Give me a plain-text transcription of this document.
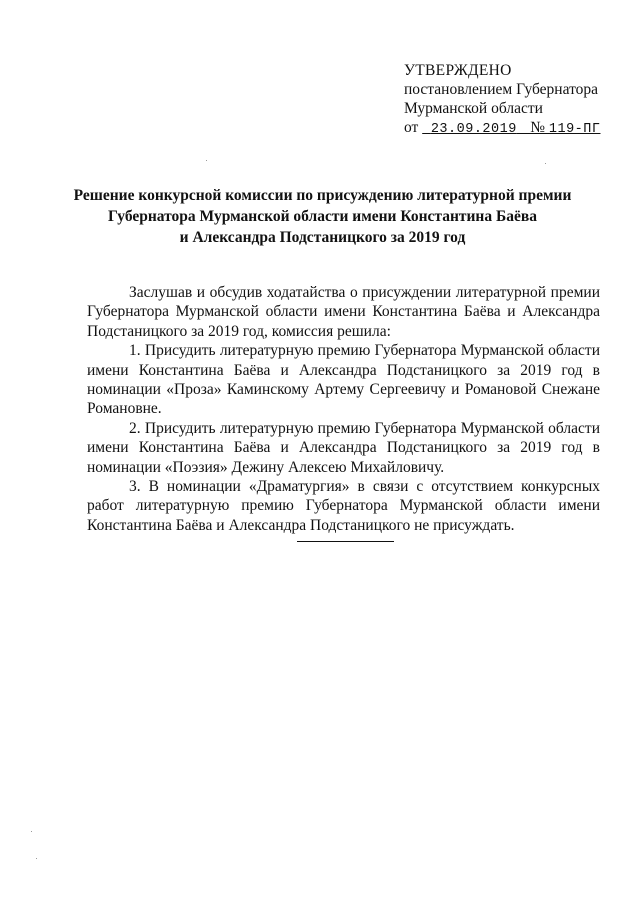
УТВЕРЖДЕНО
постановлением Губернатора
Мурманской области
от 23.09.2019 № 119-ПГ
Решение конкурсной комиссии по присуждению литературной премии
Губернатора Мурманской области имени Константина Баёва
и Александра Подстаницкого за 2019 год

Заслушав и обсудив ходатайства о присуждении литературной премии Губернатора Мурманской области имени Константина Баёва и Александра Подстаницкого за 2019 год, комиссия решила:

1. Присудить литературную премию Губернатора Мурманской области имени Константина Баёва и Александра Подстаницкого за 2019 год в номинации «Проза» Каминскому Артему Сергеевичу и Романовой Снежане Романовне.

2. Присудить литературную премию Губернатора Мурманской области имени Константина Баёва и Александра Подстаницкого за 2019 год в номинации «Поэзия» Дежину Алексею Михайловичу.

3. В номинации «Драматургия» в связи с отсутствием конкурсных работ литературную премию Губернатора Мурманской области имени Константина Баёва и Александра Подстаницкого не присуждать.
